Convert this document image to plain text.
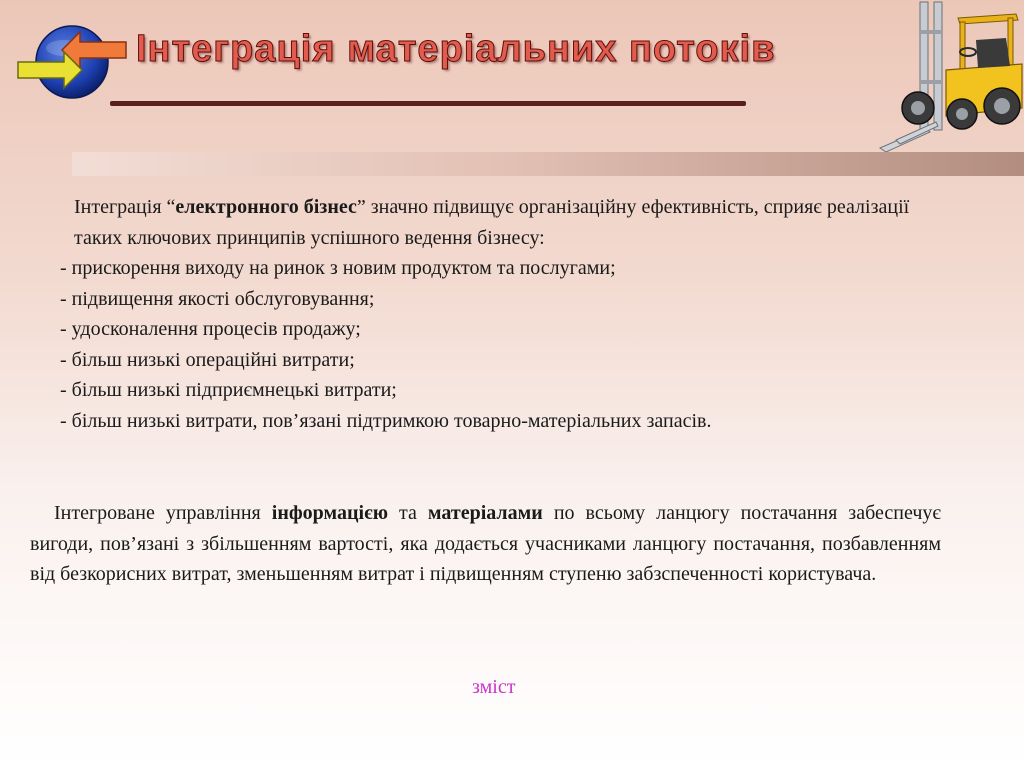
Інтеграція матеріальних потоків
Інтеграція “електронного бізнес” значно підвищує організаційну ефективність, сприяє реалізації таких ключових принципів успішного ведення бізнесу:
- прискорення виходу на ринок з новим продуктом та послугами;
- підвищення якості обслуговування;
- удосконалення процесів продажу;
- більш низькі операційні витрати;
- більш низькі підприємнецькі витрати;
- більш низькі витрати, пов’язані підтримкою товарно-матеріальних запасів.

Інтегроване управління інформацією та матеріалами по всьому ланцюгу постачання забеспечує вигоди, пов’язані з збільшенням вартості, яка додається учасниками ланцюгу постачання, позбавленням від безкорисних витрат, зменьшенням витрат і підвищенням ступеню забзспеченності користувача.

зміст
